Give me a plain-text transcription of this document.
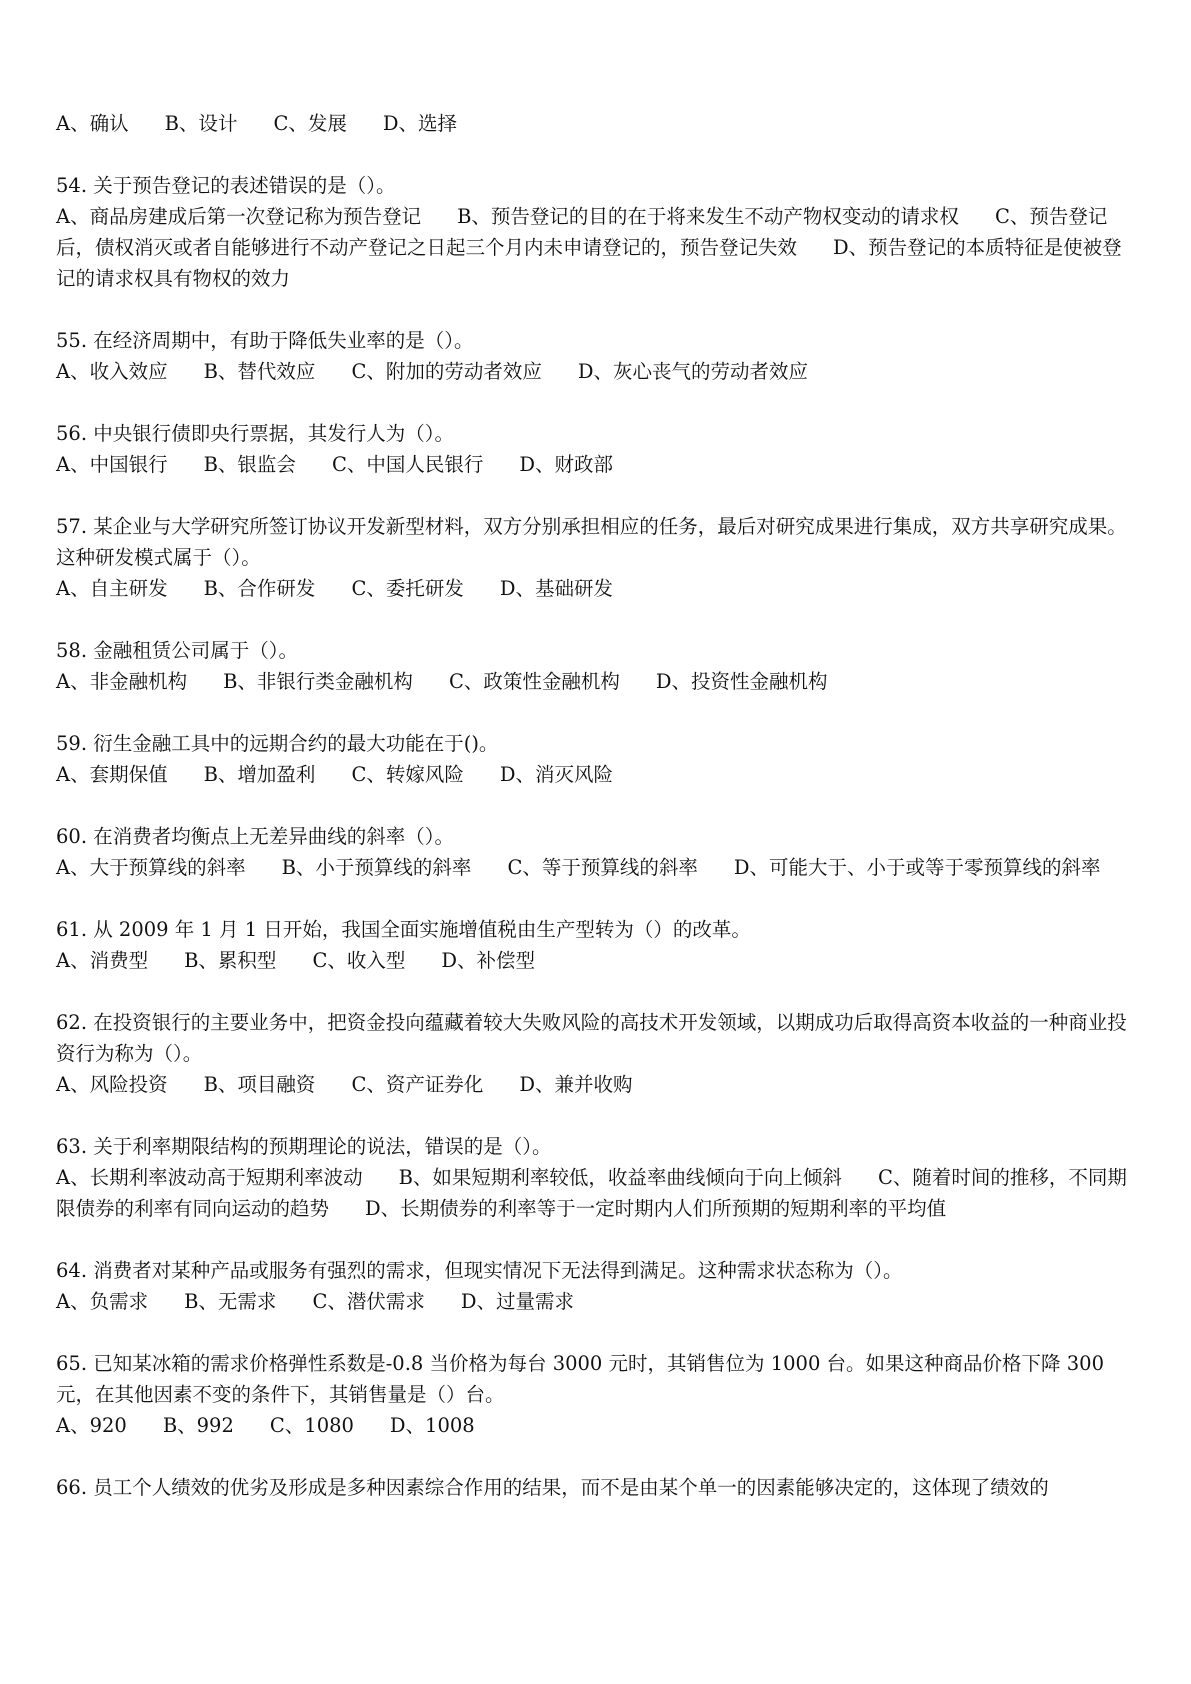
A、确认 B、设计 C、发展 D、选择

54. 关于预告登记的表述错误的是（）。

A、商品房建成后第一次登记称为预告登记 B、预告登记的目的在于将来发生不动产物权变动的请求权 C、预告登记后，债权消灭或者自能够进行不动产登记之日起三个月内未申请登记的，预告登记失效 D、预告登记的本质特征是使被登记的请求权具有物权的效力

55. 在经济周期中，有助于降低失业率的是（）。

A、收入效应 B、替代效应 C、附加的劳动者效应 D、灰心丧气的劳动者效应

56. 中央银行债即央行票据，其发行人为（）。

A、中国银行 B、银监会 C、中国人民银行 D、财政部

57. 某企业与大学研究所签订协议开发新型材料，双方分别承担相应的任务，最后对研究成果进行集成，双方共享研究成果。这种研发模式属于（）。

A、自主研发 B、合作研发 C、委托研发 D、基础研发

58. 金融租赁公司属于（）。

A、非金融机构 B、非银行类金融机构 C、政策性金融机构 D、投资性金融机构

59. 衍生金融工具中的远期合约的最大功能在于()。

A、套期保值 B、增加盈利 C、转嫁风险 D、消灭风险

60. 在消费者均衡点上无差异曲线的斜率（）。

A、大于预算线的斜率 B、小于预算线的斜率 C、等于预算线的斜率 D、可能大于、小于或等于零预算线的斜率

61. 从 2009 年 1 月 1 日开始，我国全面实施增值税由生产型转为（）的改革。

A、消费型 B、累积型 C、收入型 D、补偿型

62. 在投资银行的主要业务中，把资金投向蕴藏着较大失败风险的高技术开发领域，以期成功后取得高资本收益的一种商业投资行为称为（）。

A、风险投资 B、项目融资 C、资产证券化 D、兼并收购

63. 关于利率期限结构的预期理论的说法，错误的是（）。

A、长期利率波动高于短期利率波动 B、如果短期利率较低，收益率曲线倾向于向上倾斜 C、随着时间的推移，不同期限债券的利率有同向运动的趋势 D、长期债券的利率等于一定时期内人们所预期的短期利率的平均值

64. 消费者对某种产品或服务有强烈的需求，但现实情况下无法得到满足。这种需求状态称为（）。

A、负需求 B、无需求 C、潜伏需求 D、过量需求

65. 已知某冰箱的需求价格弹性系数是-0.8 当价格为每台 3000 元时，其销售位为 1000 台。如果这种商品价格下降 300 元，在其他因素不变的条件下，其销售量是（）台。

A、920 B、992 C、1080 D、1008

66. 员工个人绩效的优劣及形成是多种因素综合作用的结果，而不是由某个单一的因素能够决定的，这体现了绩效的
